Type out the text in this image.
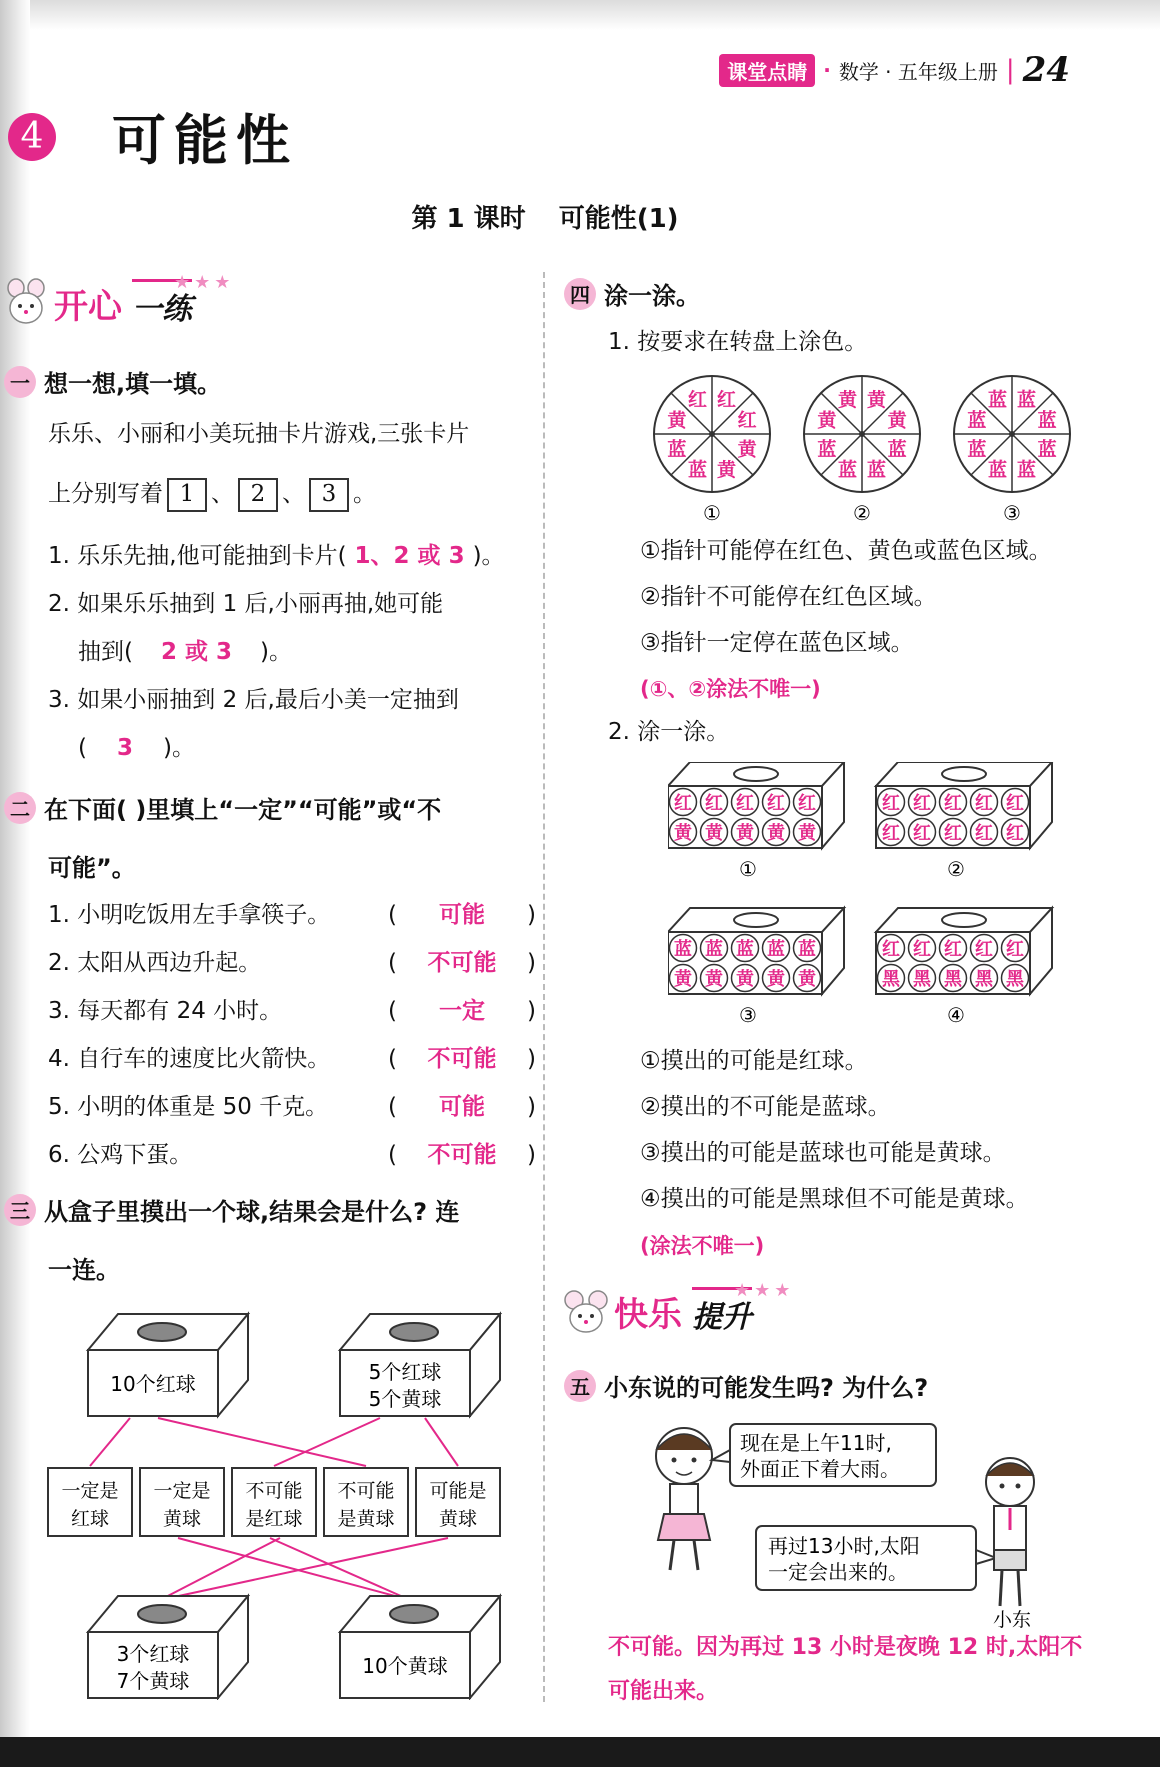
课堂点睛 · 数学 · 五年级上册 | 24
4 可能性
第 1 课时 可能性(1)
开心 一练
★★★
一 想一想,填一填。
乐乐、小丽和小美玩抽卡片游戏,三张卡片
上分别写着 1 、 2 、 3 。
1. 乐乐先抽,他可能抽到卡片( 1、2 或 3 )。
2. 如果乐乐抽到 1 后,小丽再抽,她可能
抽到( 2 或 3 )。
3. 如果小丽抽到 2 后,最后小美一定抽到
( 3 )。
二 在下面( )里填上“一定”“可能”或“不
可能”。
1. 小明吃饭用左手拿筷子。	( 可能 )
2. 太阳从西边升起。	( 不可能 )
3. 每天都有 24 小时。	( 一定 )
4. 自行车的速度比火箭快。	( 不可能 )
5. 小明的体重是 50 千克。	( 可能 )
6. 公鸡下蛋。	( 不可能 )
三 从盒子里摸出一个球,结果会是什么? 连
一连。
10个红球	5个红球
5个黄球
一定是
红球
一定是
黄球
不可能
是红球
不可能
是黄球
可能是
黄球
3个红球
7个黄球
10个黄球
四 涂一涂。
1. 按要求在转盘上涂色。
红
红
黄
黄
蓝
蓝
黄
红
①
黄
黄
蓝
蓝
蓝
蓝
黄
黄
②
蓝
蓝
蓝
蓝
蓝
蓝
蓝
蓝
③
①指针可能停在红色、黄色或蓝色区域。
②指针不可能停在红色区域。
③指针一定停在蓝色区域。
(①、②涂法不唯一)
2. 涂一涂。
红 红 红 红 红
黄 黄 黄 黄 黄
①
红 红 红 红 红
红 红 红 红 红
②
蓝 蓝 蓝 蓝 蓝
黄 黄 黄 黄 黄
③
红 红 红 红 红
黑 黑 黑 黑 黑
④
①摸出的可能是红球。
②摸出的不可能是蓝球。
③摸出的可能是蓝球也可能是黄球。
④摸出的可能是黑球但不可能是黄球。
(涂法不唯一)
快乐 提升
★★★
五 小东说的可能发生吗? 为什么?
现在是上午11时,
外面正下着大雨。
再过13小时,太阳
一定会出来的。
小东
不可能。因为再过 13 小时是夜晚 12 时,太阳不
可能出来。
